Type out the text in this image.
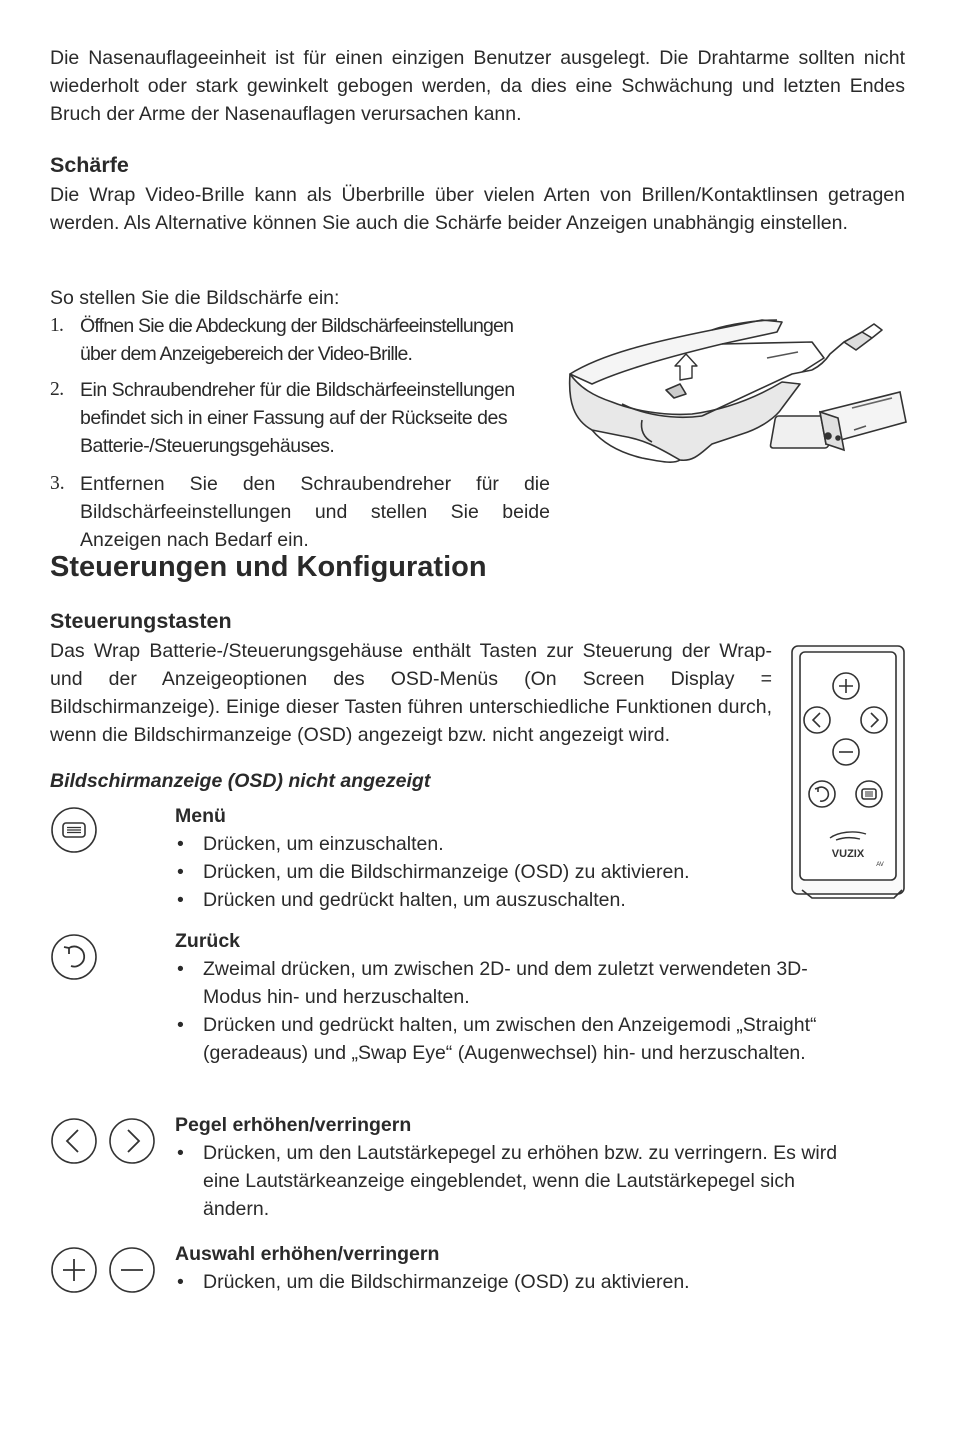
Die Nasenauflageeinheit ist für einen einzigen Benutzer ausgelegt. Die Drahtarme sollten nicht wiederholt oder stark gewinkelt gebogen werden, da dies eine Schwächung und letzten Endes Bruch der Arme der Nasenauflagen verursachen kann.

Schärfe

Die Wrap Video-Brille kann als Überbrille über vielen Arten von Brillen/Kontaktlinsen getragen werden. Als Alternative können Sie auch die Schärfe beider Anzeigen unabhängig einstellen.

So stellen Sie die Bildschärfe ein:

1. Öffnen Sie die Abdeckung der Bildschärfeeinstellungen über dem Anzeigebereich der Video-Brille.
2. Ein Schraubendreher für die Bildschärfeeinstellungen befindet sich in einer Fassung auf der Rückseite des Batterie-/Steuerungsgehäuses.
3. Entfernen Sie den Schraubendreher für die Bildschärfeeinstellungen und stellen Sie beide Anzeigen nach Bedarf ein.
Steuerungen und Konfiguration
Steuerungstasten

Das Wrap Batterie-/Steuerungsgehäuse enthält Tasten zur Steuerung der Wrap- und der Anzeigeoptionen des OSD-Menüs (On Screen Display = Bildschirmanzeige). Einige dieser Tasten führen unterschiedliche Funktionen durch, wenn die Bildschirmanzeige (OSD) angezeigt bzw. nicht angezeigt wird.

Bildschirmanzeige (OSD) nicht angezeigt
VUZIX
AV
Menü
• Drücken, um einzuschalten.
• Drücken, um die Bildschirmanzeige (OSD) zu aktivieren.
• Drücken und gedrückt halten, um auszuschalten.
Zurück
• Zweimal drücken, um zwischen 2D- und dem zuletzt verwendeten 3D-Modus hin- und herzuschalten.
• Drücken und gedrückt halten, um zwischen den Anzeigemodi „Straight“ (geradeaus) und „Swap Eye“ (Augenwechsel) hin- und herzuschalten.
Pegel erhöhen/verringern
• Drücken, um den Lautstärkepegel zu erhöhen bzw. zu verringern. Es wird eine Lautstärkeanzeige eingeblendet, wenn die Lautstärkepegel sich ändern.
Auswahl erhöhen/verringern
• Drücken, um die Bildschirmanzeige (OSD) zu aktivieren.
